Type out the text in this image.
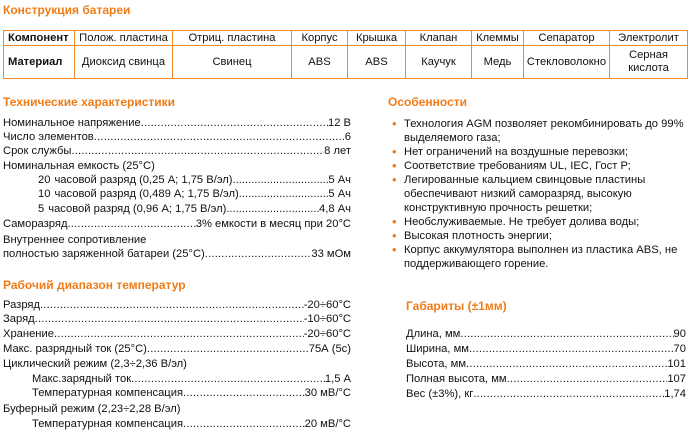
Конструкция батареи
Компонент	Полож. пластина	Отриц. пластина	Корпус	Крышка	Клапан	Клеммы	Сепаратор	Электролит
Материал	Диоксид свинца	Свинец	ABS	ABS	Каучук	Медь	Стекловолокно	Серная кислота
Технические характеристики
Номинальное напряжение .....	12 В
Число элементов .....	6
Срок службы .....	8 лет
Номинальная емкость (25°С)
20 часовой разряд (0,25 А; 1,75 В/эл) .....	5 Ач
10 часовой разряд (0,489 А; 1,75 В/эл) .....	5 Ач
5 часовой разряд (0,96 А; 1,75 В/эл) .....	4,8 Ач
Саморазряд .....	3% емкости в месяц при 20°С
Внутреннее сопротивление
полностью заряженной батареи (25°С) .....	33 мОм
Рабочий диапазон температур
Разряд .....	-20÷60°С
Заряд .....	-10÷60°С
Хранение .....	-20÷60°С
Макс. разрядный ток (25°С) .....	75А (5с)
Циклический режим (2,3÷2,36 В/эл)
Макс.зарядный ток .....	1,5 А
Температурная компенсация .....	30 мВ/°С
Буферный режим (2,23÷2,28 В/эл)
Температурная компенсация .....	20 мВ/°С
Особенности
• Технология AGM позволяет рекомбинировать до 99% выделяемого газа;
• Нет ограничений на воздушные перевозки;
• Соответствие требованиям UL, IEC, Гост Р;
• Легированные кальцием свинцовые пластины обеспечивают низкий саморазряд, высокую конструктивную прочность решетки;
• Необслуживаемые. Не требует долива воды;
• Высокая плотность энергии;
• Корпус аккумулятора выполнен из пластика ABS, не поддерживающего горение.
Габариты (±1мм)
Длина, мм .....	90
Ширина, мм .....	70
Высота, мм .....	101
Полная высота, мм .....	107
Вес (±3%), кг .....	1,74
